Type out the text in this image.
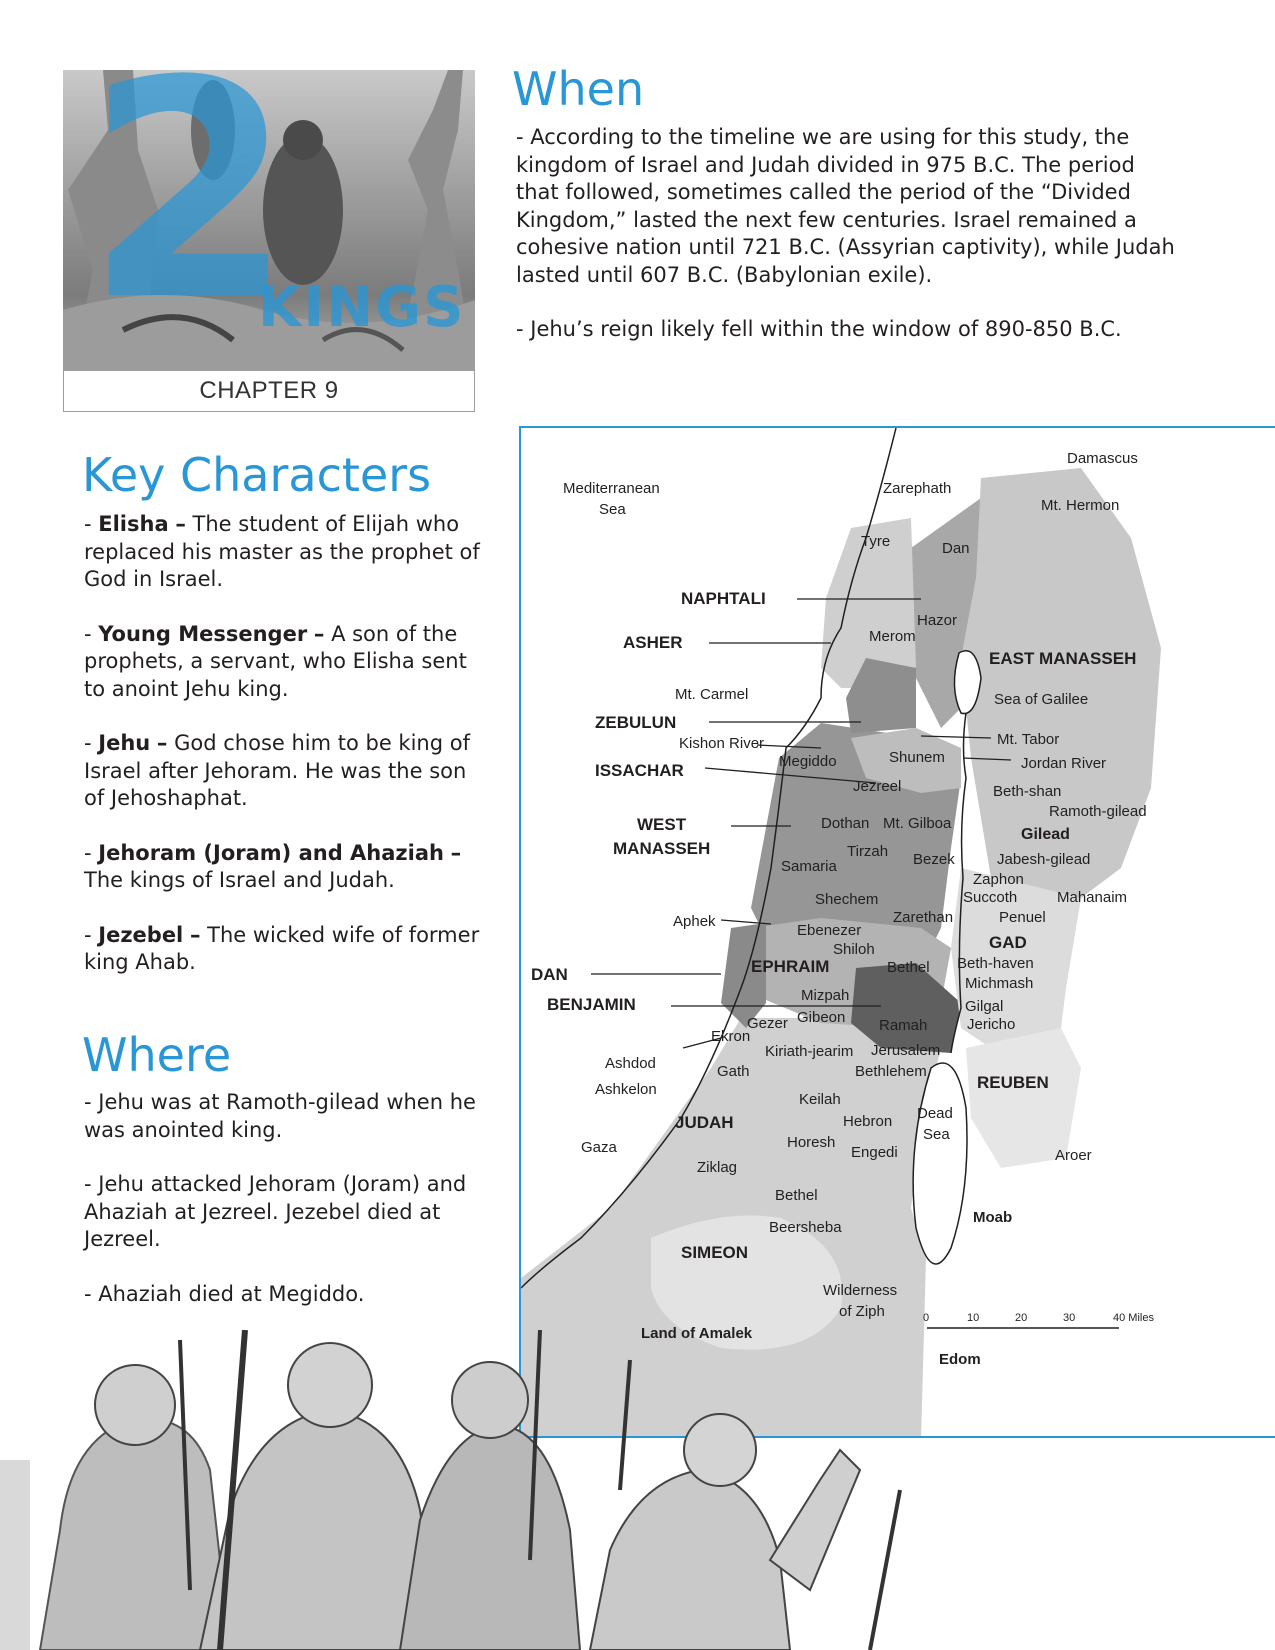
2
KINGS
CHAPTER 9
When

- According to the timeline we are using for this study, the kingdom of Israel and Judah divided in 975 B.C. The period that followed, sometimes called the period of the “Divided Kingdom,” lasted the next few centuries. Israel remained a cohesive nation until 721 B.C. (Assyrian captivity), while Judah lasted until 607 B.C. (Babylonian exile).

- Jehu’s reign likely fell within the window of 890-850 B.C.

Key Characters

- Elisha – The student of Elijah who replaced his master as the prophet of God in Israel.

- Young Messenger – A son of the prophets, a servant, who Elisha sent to anoint Jehu king.

- Jehu – God chose him to be king of Israel after Jehoram. He was the son of Jehoshaphat.

- Jehoram (Joram) and Ahaziah – The kings of Israel and Judah.

- Jezebel – The wicked wife of former king Ahab.

Where

- Jehu was at Ramoth-gilead when he was anointed king.

- Jehu attacked Jehoram (Joram) and Ahaziah at Jezreel. Jezebel died at Jezreel.

- Ahaziah died at Megiddo.

NAPHTALI
ASHER
EAST MANASSEH
ZEBULUN
ISSACHAR
WEST
MANASSEH
GAD
DAN	EPHRAIM
BENJAMIN
REUBEN
JUDAH
SIMEON
Damascus
Mediterranean
Sea
Zarephath
Mt. Hermon
Tyre	Dan
Hazor
Merom
Mt. Carmel	Sea of Galilee
Kishon River	Mt. Tabor
Megiddo	Shunem	Jordan River
Jezreel	Beth-shan
Ramoth-gilead
Dothan Mt. Gilboa
Gilead
Tirzah Bezek	Jabesh-gilead
Samaria
Zaphon
Shechem	Succoth	Mahanaim
Penuel
Zarethan
Aphek
Ebenezer
Shiloh
Bethel Beth-haven
Michmash
Mizpah
Gilgal
Gibeon	Jericho
Gezer	Ramah
Ekron
Kiriath-jearim Jerusalem
Ashdod	Gath	Bethlehem
Ashkelon
Keilah
Hebron Dead
Sea
Horesh
Gaza	Engedi	Aroer
Ziklag
Bethel
Beersheba
Moab
Wilderness
of Ziph
Land of Amalek
Edom
0	10	20	30	40 Miles
